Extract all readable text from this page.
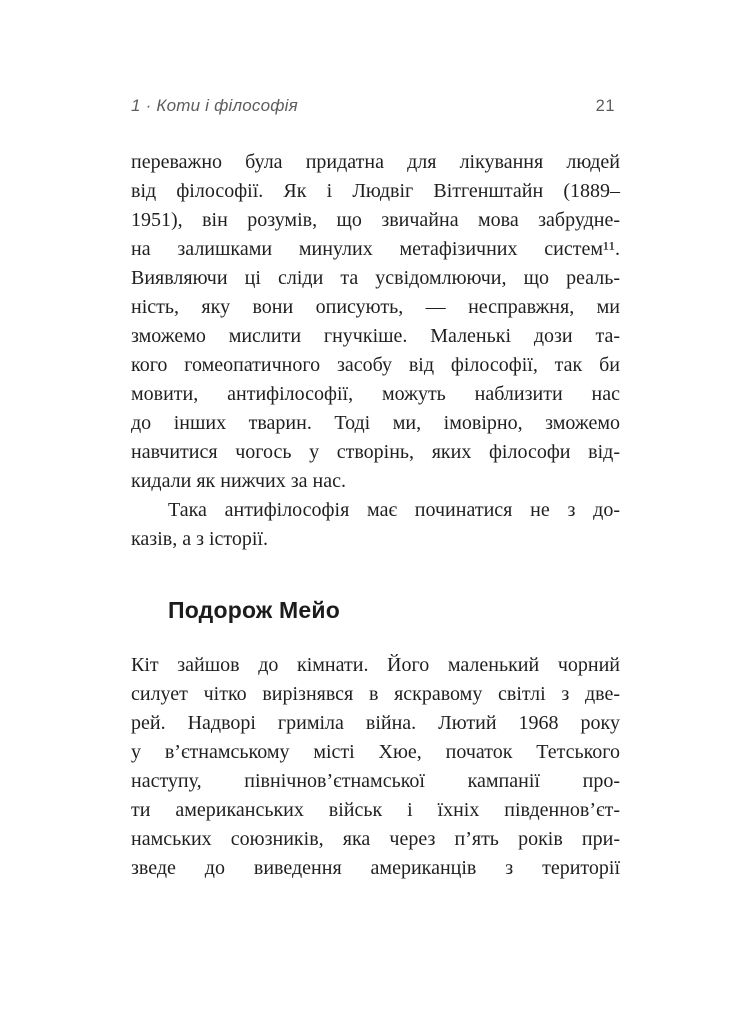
1 · Коти і філософія	21

переважно була придатна для лікування людей
від філософії. Як і Людвіг Вітгенштайн (1889–
1951), він розумів, що звичайна мова забрудне-
на залишками минулих метафізичних систем¹¹.
Виявляючи ці сліди та усвідомлюючи, що реаль-
ність, яку вони описують, — несправжня, ми
зможемо мислити гнучкіше. Маленькі дози та-
кого гомеопатичного засобу від філософії, так би
мовити, антифілософії, можуть наблизити нас
до інших тварин. Тоді ми, імовірно, зможемо
навчитися чогось у створінь, яких філософи від-
кидали як нижчих за нас.

Така антифілософія має починатися не з до-
казів, а з історії.

Подорож Мейо

Кіт зайшов до кімнати. Його маленький чорний
силует чітко вирізнявся в яскравому світлі з две-
рей. Надворі гриміла війна. Лютий 1968 року
у в’єтнамському місті Хюе, початок Тетського
наступу, північнов’єтнамської кампанії про-
ти американських військ і їхніх південнов’єт-
намських союзників, яка через п’ять років при-
зведе до виведення американців з території
